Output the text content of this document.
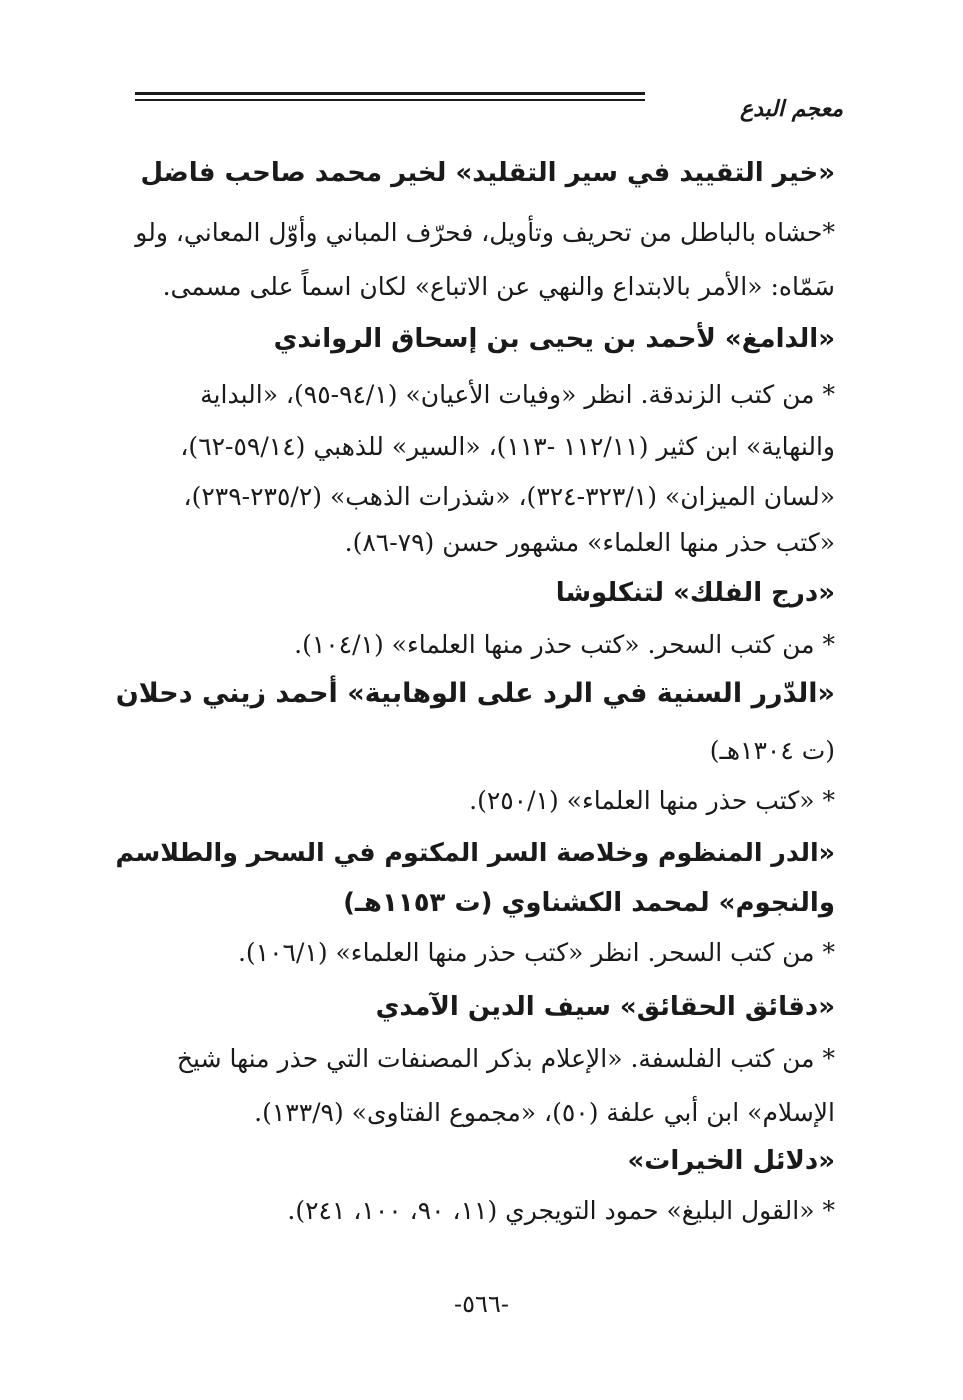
معجم البدع
«خير التقييد في سير التقليد» لخير محمد صاحب فاضل
*حشاه بالباطل من تحريف وتأويل، فحرّف المباني وأوّل المعاني، ولو
سَمّاه: «الأمر بالابتداع والنهي عن الاتباع» لكان اسماً على مسمى.
«الدامغ» لأحمد بن يحيى بن إسحاق الرواندي
* من كتب الزندقة. انظر «وفيات الأعيان» (٩٤/١-٩٥)، «البداية
والنهاية» ابن كثير (١١٢/١١ -١١٣)، «السير» للذهبي (٥٩/١٤-٦٢)،
«لسان الميزان» (٣٢٣/١-٣٢٤)، «شذرات الذهب» (٢٣٥/٢-٢٣٩)،
«كتب حذر منها العلماء» مشهور حسن (٧٩-٨٦).
«درج الفلك» لتنكلوشا
* من كتب السحر. «كتب حذر منها العلماء» (١٠٤/١).
«الدّرر السنية في الرد على الوهابية» أحمد زيني دحلان
(ت ١٣٠٤هـ)
* «كتب حذر منها العلماء» (٢٥٠/١).
«الدر المنظوم وخلاصة السر المكتوم في السحر والطلاسم
والنجوم» لمحمد الكشناوي (ت ١١٥٣هـ)
* من كتب السحر. انظر «كتب حذر منها العلماء» (١٠٦/١).
«دقائق الحقائق» سيف الدين الآمدي
* من كتب الفلسفة. «الإعلام بذكر المصنفات التي حذر منها شيخ
الإسلام» ابن أبي علفة (٥٠)، «مجموع الفتاوى» (١٣٣/٩).
«دلائل الخيرات»
* «القول البليغ» حمود التويجري (١١، ٩٠، ١٠٠، ٢٤١).
-٥٦٦-
